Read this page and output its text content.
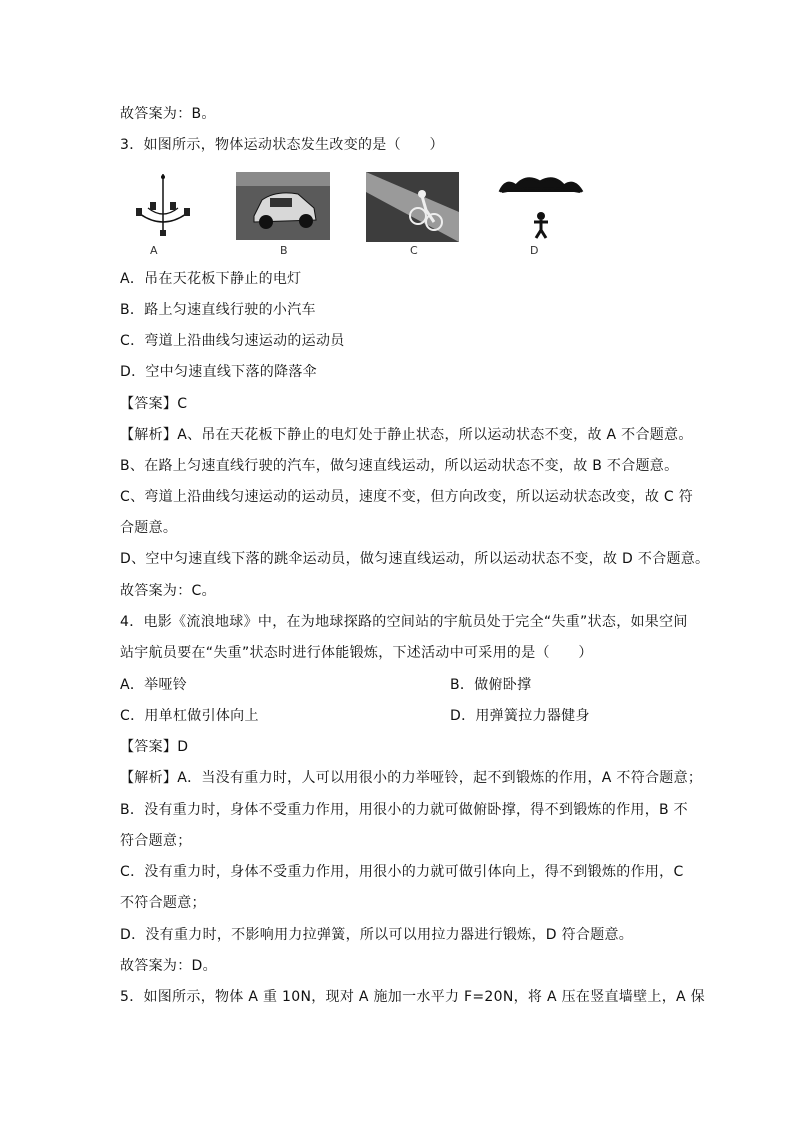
故答案为：B。
3．如图所示，物体运动状态发生改变的是（　　）
A	B	C	D
A．吊在天花板下静止的电灯
B．路上匀速直线行驶的小汽车
C．弯道上沿曲线匀速运动的运动员
D．空中匀速直线下落的降落伞
【答案】C
【解析】A、吊在天花板下静止的电灯处于静止状态，所以运动状态不变，故 A 不合题意。
B、在路上匀速直线行驶的汽车，做匀速直线运动，所以运动状态不变，故 B 不合题意。
C、弯道上沿曲线匀速运动的运动员，速度不变，但方向改变，所以运动状态改变，故 C 符
合题意。
D、空中匀速直线下落的跳伞运动员，做匀速直线运动，所以运动状态不变，故 D 不合题意。
故答案为：C。
4．电影《流浪地球》中，在为地球探路的空间站的宇航员处于完全“失重”状态，如果空间
站宇航员要在“失重”状态时进行体能锻炼，下述活动中可采用的是（　　）
A．举哑铃	B．做俯卧撑
C．用单杠做引体向上	D．用弹簧拉力器健身
【答案】D
【解析】A．当没有重力时，人可以用很小的力举哑铃，起不到锻炼的作用，A 不符合题意；
B．没有重力时，身体不受重力作用，用很小的力就可做俯卧撑，得不到锻炼的作用，B 不
符合题意；
C．没有重力时，身体不受重力作用，用很小的力就可做引体向上，得不到锻炼的作用，C
不符合题意；
D．没有重力时，不影响用力拉弹簧，所以可以用拉力器进行锻炼，D 符合题意。
故答案为：D。
5．如图所示，物体 A 重 10N，现对 A 施加一水平力 F=20N，将 A 压在竖直墙壁上，A 保
